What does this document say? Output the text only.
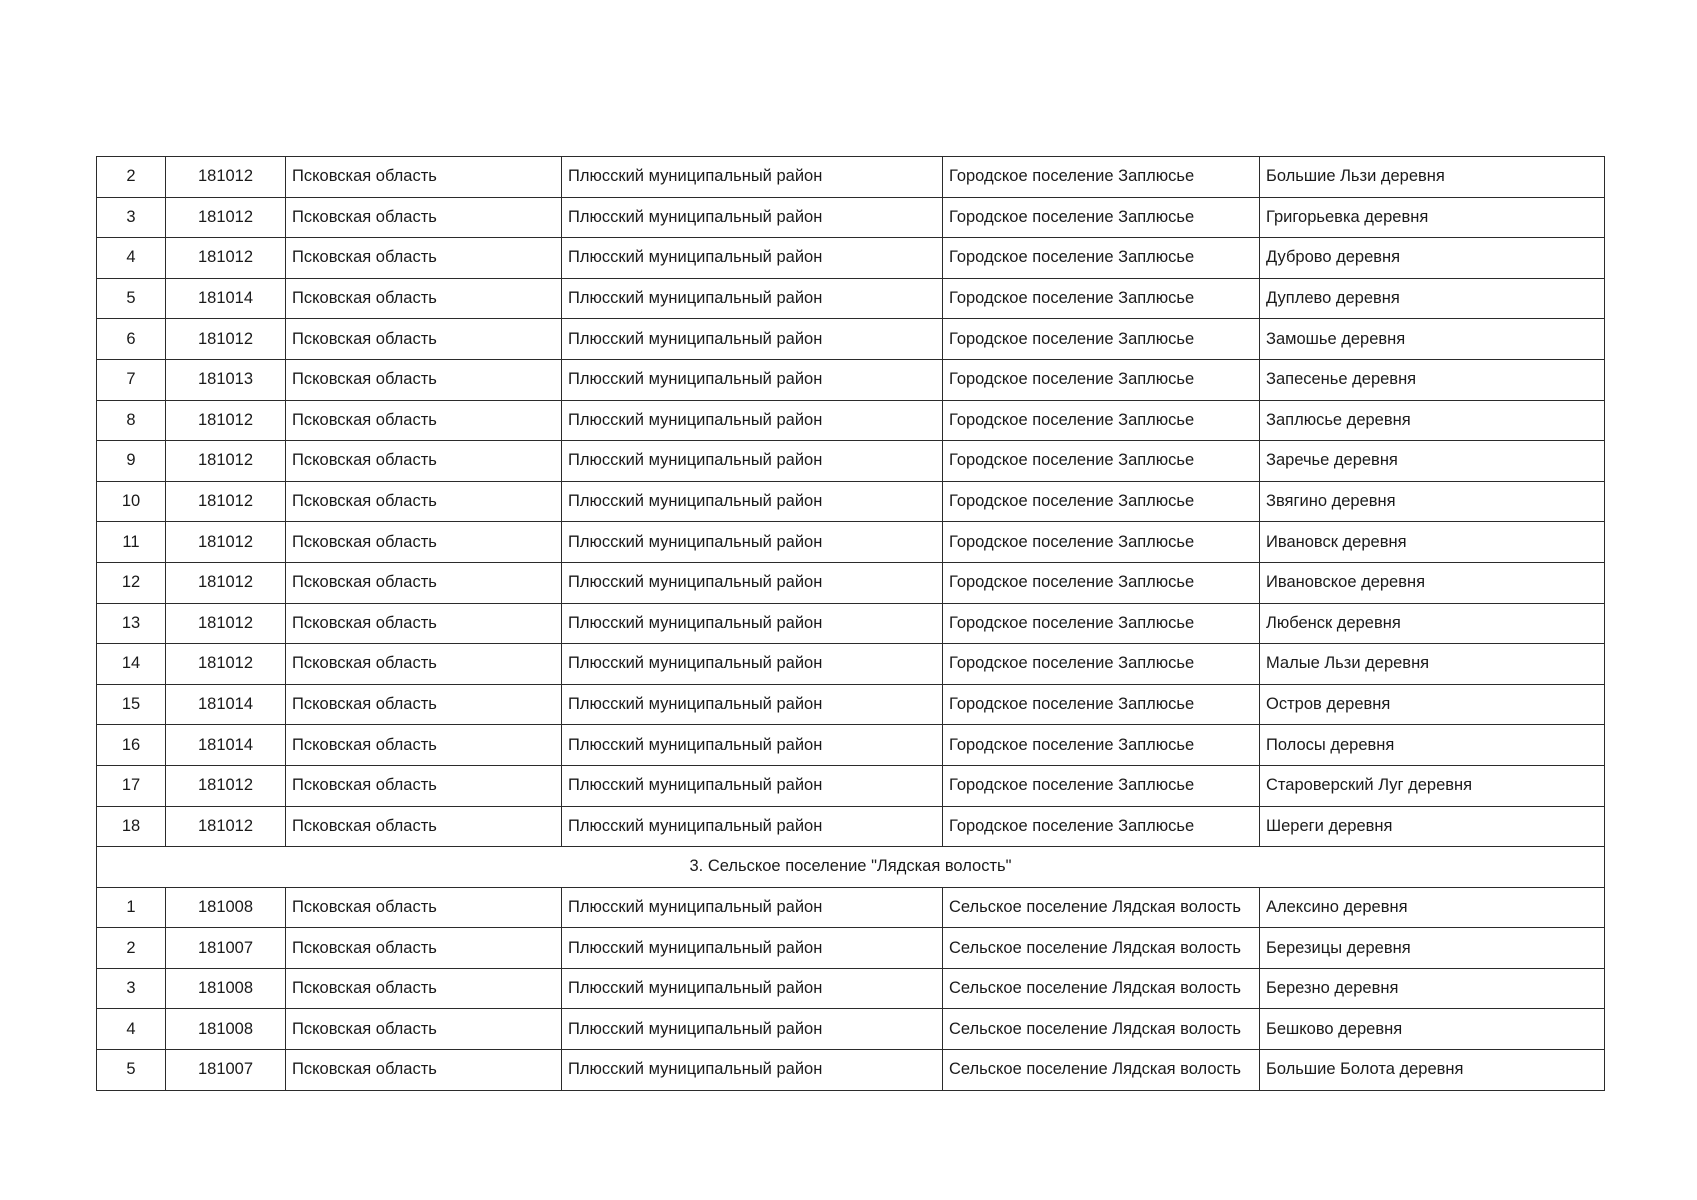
2	181012	Псковская область	Плюсский муниципальный район	Городское поселение Заплюсье	Большие Льзи деревня
3	181012	Псковская область	Плюсский муниципальный район	Городское поселение Заплюсье	Григорьевка деревня
4	181012	Псковская область	Плюсский муниципальный район	Городское поселение Заплюсье	Дуброво деревня
5	181014	Псковская область	Плюсский муниципальный район	Городское поселение Заплюсье	Дуплево деревня
6	181012	Псковская область	Плюсский муниципальный район	Городское поселение Заплюсье	Замошье деревня
7	181013	Псковская область	Плюсский муниципальный район	Городское поселение Заплюсье	Запесенье деревня
8	181012	Псковская область	Плюсский муниципальный район	Городское поселение Заплюсье	Заплюсье деревня
9	181012	Псковская область	Плюсский муниципальный район	Городское поселение Заплюсье	Заречье деревня
10	181012	Псковская область	Плюсский муниципальный район	Городское поселение Заплюсье	Звягино деревня
11	181012	Псковская область	Плюсский муниципальный район	Городское поселение Заплюсье	Ивановск деревня
12	181012	Псковская область	Плюсский муниципальный район	Городское поселение Заплюсье	Ивановское деревня
13	181012	Псковская область	Плюсский муниципальный район	Городское поселение Заплюсье	Любенск деревня
14	181012	Псковская область	Плюсский муниципальный район	Городское поселение Заплюсье	Малые Льзи деревня
15	181014	Псковская область	Плюсский муниципальный район	Городское поселение Заплюсье	Остров деревня
16	181014	Псковская область	Плюсский муниципальный район	Городское поселение Заплюсье	Полосы деревня
17	181012	Псковская область	Плюсский муниципальный район	Городское поселение Заплюсье	Староверский Луг деревня
18	181012	Псковская область	Плюсский муниципальный район	Городское поселение Заплюсье	Шереги деревня
3. Сельское поселение "Лядская волость"					
1	181008	Псковская область	Плюсский муниципальный район	Сельское поселение Лядская волость	Алексино деревня
2	181007	Псковская область	Плюсский муниципальный район	Сельское поселение Лядская волость	Березицы деревня
3	181008	Псковская область	Плюсский муниципальный район	Сельское поселение Лядская волость	Березно деревня
4	181008	Псковская область	Плюсский муниципальный район	Сельское поселение Лядская волость	Бешково деревня
5	181007	Псковская область	Плюсский муниципальный район	Сельское поселение Лядская волость	Большие Болота деревня
